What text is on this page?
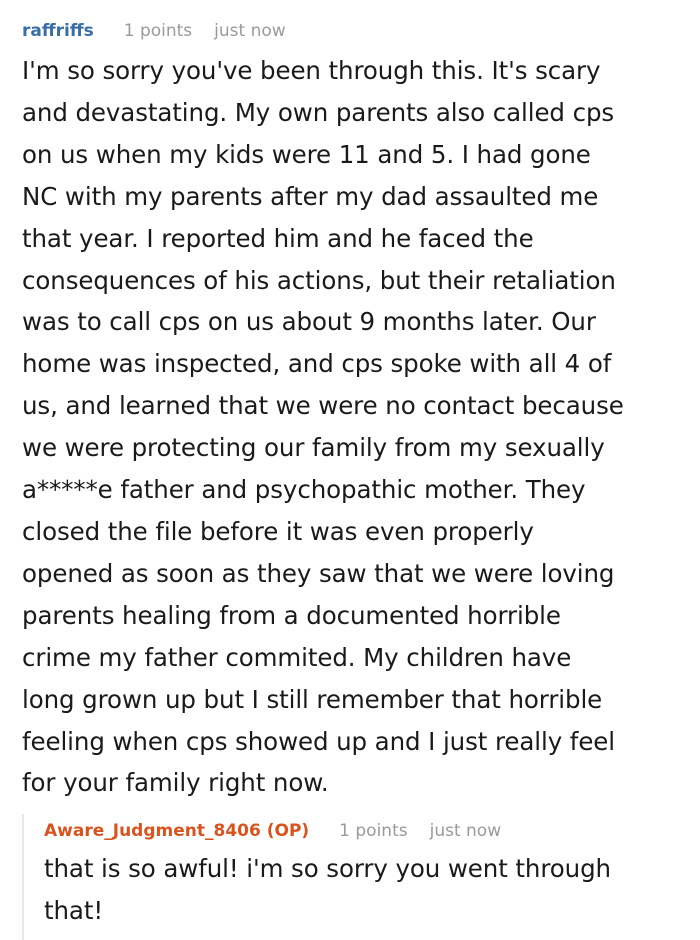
raffriffs 1 points just now

I'm so sorry you've been through this. It's scary
and devastating. My own parents also called cps
on us when my kids were 11 and 5. I had gone
NC with my parents after my dad assaulted me
that year. I reported him and he faced the
consequences of his actions, but their retaliation
was to call cps on us about 9 months later. Our
home was inspected, and cps spoke with all 4 of
us, and learned that we were no contact because
we were protecting our family from my sexually
a*****e father and psychopathic mother. They
closed the file before it was even properly
opened as soon as they saw that we were loving
parents healing from a documented horrible
crime my father commited. My children have
long grown up but I still remember that horrible
feeling when cps showed up and I just really feel
for your family right now.

Aware_Judgment_8406 (OP) 1 points just now

that is so awful! i'm so sorry you went through
that!
